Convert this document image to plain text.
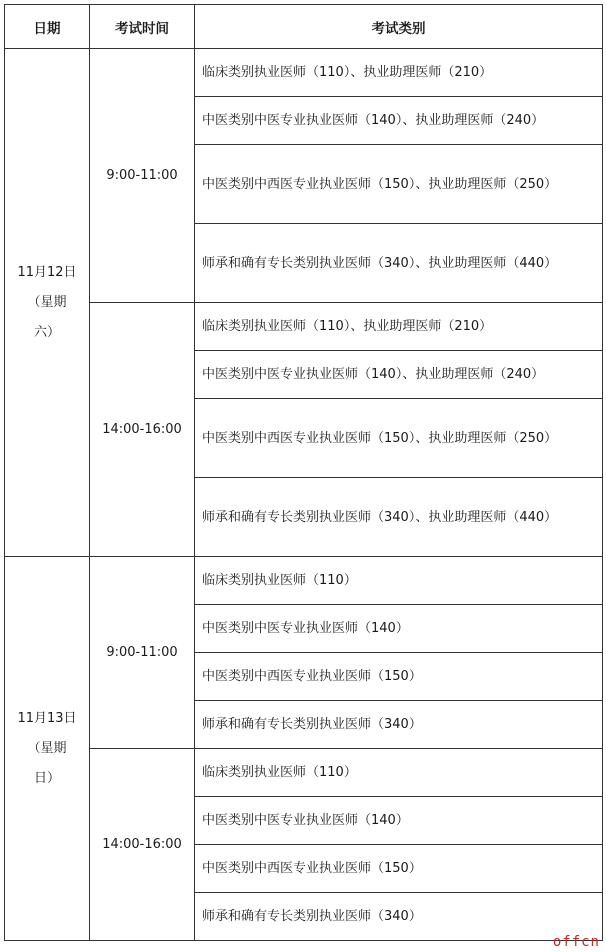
日期	考试时间	考试类别

11月12日
（星期
六）	9:00-11:00	临床类别执业医师（110）、执业助理医师（210）
		中医类别中医专业执业医师（140）、执业助理医师（240）
		中医类别中西医专业执业医师（150）、执业助理医师（250）
		师承和确有专长类别执业医师（340）、执业助理医师（440）
	14:00-16:00	临床类别执业医师（110）、执业助理医师（210）
		中医类别中医专业执业医师（140）、执业助理医师（240）
		中医类别中西医专业执业医师（150）、执业助理医师（250）
		师承和确有专长类别执业医师（340）、执业助理医师（440）

11月13日
（星期
日）	9:00-11:00	临床类别执业医师（110）
		中医类别中医专业执业医师（140）
		中医类别中西医专业执业医师（150）
		师承和确有专长类别执业医师（340）
	14:00-16:00	临床类别执业医师（110）
		中医类别中医专业执业医师（140）
		中医类别中西医专业执业医师（150）
		师承和确有专长类别执业医师（340）
offcn
